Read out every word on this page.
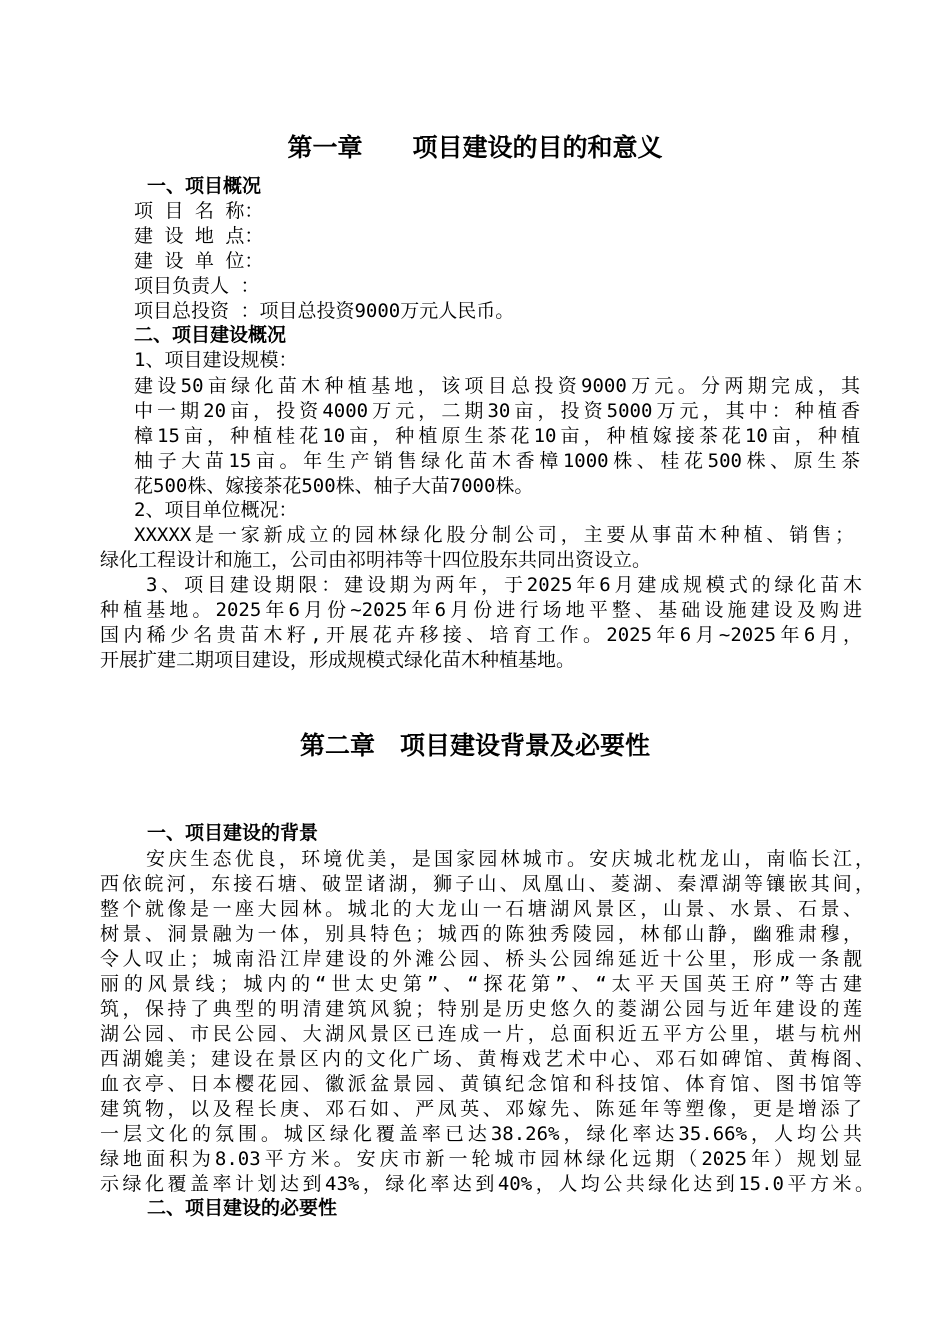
第一章　　项目建设的目的和意义
一、项目概况
项 目 名 称：
建 设 地 点：
建 设 单 位：
项目负责人 ：
项目总投资 ：项目总投资9000万元人民币。
二、项目建设概况
1、项目建设规模：
建设50亩绿化苗木种植基地，该项目总投资9000万元。分两期完成，其
中一期20亩，投资4000万元，二期30亩，投资5000万元，其中：种植香
樟15亩，种植桂花10亩，种植原生茶花10亩，种植嫁接茶花10亩，种植
柚子大苗15亩。年生产销售绿化苗木香樟1000株、桂花500株、原生茶
花500株、嫁接茶花500株、柚子大苗7000株。
2、项目单位概况：
XXXXX是一家新成立的园林绿化股分制公司，主要从事苗木种植、销售；
绿化工程设计和施工，公司由祁明祎等十四位股东共同出资设立。
3、项目建设期限：建设期为两年，于2025年6月建成规模式的绿化苗木
种植基地。2025年6月份~2025年6月份进行场地平整、基础设施建设及购进
国内稀少名贵苗木籽,开展花卉移接、培育工作。2025年6月~2025年6月，
开展扩建二期项目建设，形成规模式绿化苗木种植基地。
第二章　项目建设背景及必要性
一、项目建设的背景
安庆生态优良，环境优美，是国家园林城市。安庆城北枕龙山，南临长江，
西依皖河，东接石塘、破罡诸湖，狮子山、凤凰山、菱湖、秦潭湖等镶嵌其间，
整个就像是一座大园林。城北的大龙山一石塘湖风景区，山景、水景、石景、
树景、洞景融为一体，别具特色；城西的陈独秀陵园，林郁山静，幽雅肃穆，
令人叹止；城南沿江岸建设的外滩公园、桥头公园绵延近十公里，形成一条靓
丽的风景线；城内的“世太史第”、“探花第”、“太平天国英王府”等古建
筑，保持了典型的明清建筑风貌；特别是历史悠久的菱湖公园与近年建设的莲
湖公园、市民公园、大湖风景区已连成一片，总面积近五平方公里，堪与杭州
西湖媲美；建设在景区内的文化广场、黄梅戏艺术中心、邓石如碑馆、黄梅阁、
血衣亭、日本樱花园、徽派盆景园、黄镇纪念馆和科技馆、体育馆、图书馆等
建筑物，以及程长庚、邓石如、严凤英、邓嫁先、陈延年等塑像，更是增添了
一层文化的氛围。城区绿化覆盖率已达38.26%，绿化率达35.66%，人均公共
绿地面积为8.03平方米。安庆市新一轮城市园林绿化远期（2025年）规划显
示绿化覆盖率计划达到43%，绿化率达到40%，人均公共绿化达到15.0平方米。
二、项目建设的必要性
